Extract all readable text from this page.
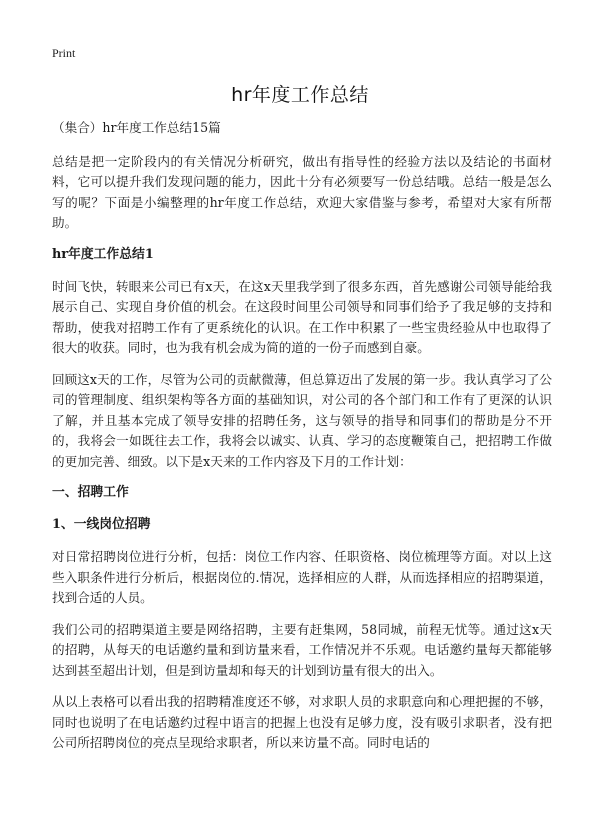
Print
hr年度工作总结

（集合）hr年度工作总结15篇

总结是把一定阶段内的有关情况分析研究，做出有指导性的经验方法以及结论的书面材料，它可以提升我们发现问题的能力，因此十分有必须要写一份总结哦。总结一般是怎么写的呢？下面是小编整理的hr年度工作总结，欢迎大家借鉴与参考，希望对大家有所帮助。

hr年度工作总结1

时间飞快，转眼来公司已有x天，在这x天里我学到了很多东西，首先感谢公司领导能给我展示自己、实现自身价值的机会。在这段时间里公司领导和同事们给予了我足够的支持和帮助，使我对招聘工作有了更系统化的认识。在工作中积累了一些宝贵经验从中也取得了很大的收获。同时，也为我有机会成为简的道的一份子而感到自豪。

回顾这x天的工作，尽管为公司的贡献微薄，但总算迈出了发展的第一步。我认真学习了公司的管理制度、组织架构等各方面的基础知识，对公司的各个部门和工作有了更深的认识了解，并且基本完成了领导安排的招聘任务，这与领导的指导和同事们的帮助是分不开的，我将会一如既往去工作，我将会以诚实、认真、学习的态度鞭策自己，把招聘工作做的更加完善、细致。以下是x天来的工作内容及下月的工作计划：

一、招聘工作
1、一线岗位招聘

对日常招聘岗位进行分析，包括：岗位工作内容、任职资格、岗位梳理等方面。对以上这些入职条件进行分析后，根据岗位的.情况，选择相应的人群，从而选择相应的招聘渠道，找到合适的人员。

我们公司的招聘渠道主要是网络招聘，主要有赶集网，58同城，前程无忧等。通过这x天的招聘，从每天的电话邀约量和到访量来看，工作情况并不乐观。电话邀约量每天都能够达到甚至超出计划，但是到访量却和每天的计划到访量有很大的出入。

从以上表格可以看出我的招聘精准度还不够，对求职人员的求职意向和心理把握的不够，同时也说明了在电话邀约过程中语言的把握上也没有足够力度，没有吸引求职者，没有把公司所招聘岗位的亮点呈现给求职者，所以来访量不高。同时电话的
